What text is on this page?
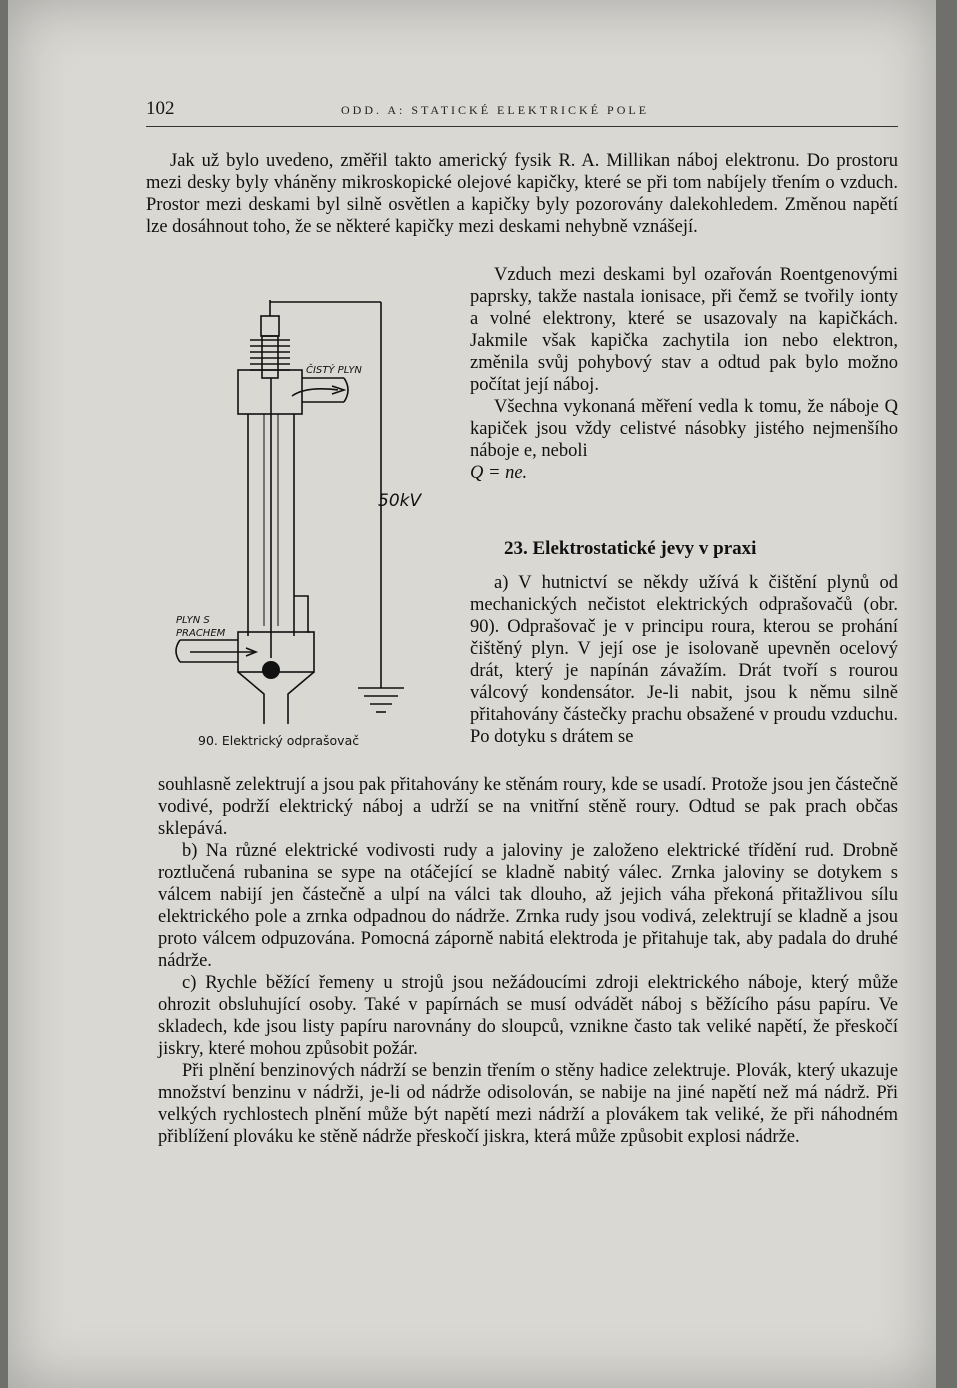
102	ODD. A: STATICKÉ ELEKTRICKÉ POLE

Jak už bylo uvedeno, změřil takto americký fysik R. A. Millikan náboj elektronu. Do prostoru mezi desky byly vháněny mikroskopické olejové kapičky, které se při tom nabíjely třením o vzduch. Prostor mezi deskami byl silně osvětlen a kapičky byly pozorovány dalekohledem. Změnou napětí lze dosáhnout toho, že se některé kapičky mezi deskami nehybně vznášejí.

Vzduch mezi deskami byl ozařován Roentgenovými paprsky, takže nastala ionisace, při čemž se tvořily ionty a volné elektrony, které se usazovaly na kapičkách. Jakmile však kapička zachytila ion nebo elektron, změnila svůj pohybový stav a odtud pak bylo možno počítat její náboj.

Všechna vykonaná měření vedla k tomu, že náboje Q kapiček jsou vždy celistvé násobky jistého nejmenšího náboje e, neboli

Q = ne.

23. Elektrostatické jevy v praxi

a) V hutnictví se někdy užívá k čištění plynů od mechanických nečistot elektrických odprašovačů (obr. 90). Odprašovač je v principu roura, kterou se prohání čištěný plyn. V její ose je isolovaně upevněn ocelový drát, který je napínán závažím. Drát tvoří s rourou válcový kondensátor. Je-li nabit, jsou k němu silně přitahovány částečky prachu obsažené v proudu vzduchu. Po dotyku s drátem se

ČISTÝ PLYN
PLYN S
PRACHEM
50kV
90. Elektrický odprašovač

souhlasně zelektrují a jsou pak přitahovány ke stěnám roury, kde se usadí. Protože jsou jen částečně vodivé, podrží elektrický náboj a udrží se na vnitřní stěně roury. Odtud se pak prach občas sklepává.

b) Na různé elektrické vodivosti rudy a jaloviny je založeno elektrické třídění rud. Drobně roztlučená rubanina se sype na otáčející se kladně nabitý válec. Zrnka jaloviny se dotykem s válcem nabijí jen částečně a ulpí na válci tak dlouho, až jejich váha překoná přitažlivou sílu elektrického pole a zrnka odpadnou do nádrže. Zrnka rudy jsou vodivá, zelektrují se kladně a jsou proto válcem odpuzována. Pomocná záporně nabitá elektroda je přitahuje tak, aby padala do druhé nádrže.

c) Rychle běžící řemeny u strojů jsou nežádoucími zdroji elektrického náboje, který může ohrozit obsluhující osoby. Také v papírnách se musí odvádět náboj s běžícího pásu papíru. Ve skladech, kde jsou listy papíru narovnány do sloupců, vznikne často tak veliké napětí, že přeskočí jiskry, které mohou způsobit požár.

Při plnění benzinových nádrží se benzin třením o stěny hadice zelektruje. Plovák, který ukazuje množství benzinu v nádrži, je-li od nádrže odisolován, se nabije na jiné napětí než má nádrž. Při velkých rychlostech plnění může být napětí mezi nádrží a plovákem tak veliké, že při náhodném přiblížení plováku ke stěně nádrže přeskočí jiskra, která může způsobit explosi nádrže.
